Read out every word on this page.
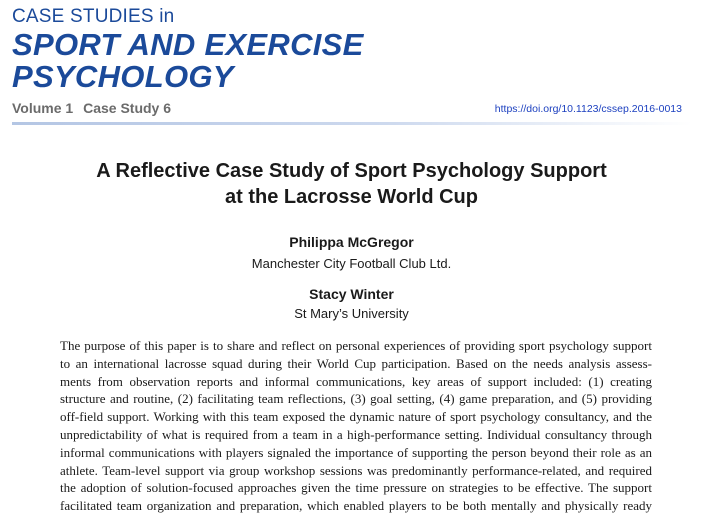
CASE STUDIES in
SPORT AND EXERCISE
PSYCHOLOGY
Volume 1 Case Study 6	https://doi.org/10.1123/cssep.2016-0013
A Reflective Case Study of Sport Psychology Support
at the Lacrosse World Cup
Philippa McGregor
Manchester City Football Club Ltd.
Stacy Winter
St Mary’s University
The purpose of this paper is to share and reflect on personal experiences of providing sport psychology support
to an international lacrosse squad during their World Cup participation. Based on the needs analysis assess-
ments from observation reports and informal communications, key areas of support included: (1) creating
structure and routine, (2) facilitating team reflections, (3) goal setting, (4) game preparation, and (5) providing
off-field support. Working with this team exposed the dynamic nature of sport psychology consultancy, and the
unpredictability of what is required from a team in a high-performance setting. Individual consultancy through
informal communications with players signaled the importance of supporting the person beyond their role as an
athlete. Team-level support via group workshop sessions was predominantly performance-related, and required
the adoption of solution-focused approaches given the time pressure on strategies to be effective. The support
facilitated team organization and preparation, which enabled players to be both mentally and physically ready
